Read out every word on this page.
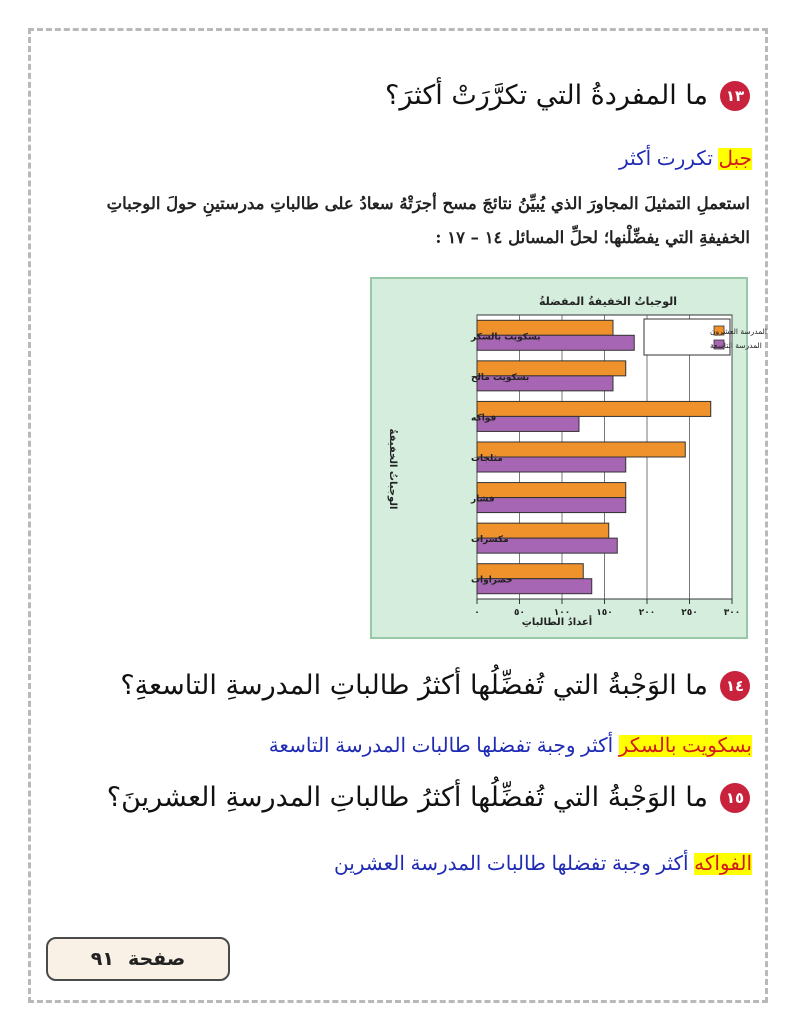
١٣
ما المفردةُ التي تكرَّرَتْ أكثرَ؟
جبل تكررت أكثر
استعملِ التمثيلَ المجاورَ الذي يُبيِّنُ نتائجَ مسح أجرَتْهُ سعادُ على طالباتِ مدرستينِ حولَ الوجباتِ
الخفيفةِ التي يفضِّلْنها؛ لحلِّ المسائل ١٤ – ١٧ :
الوجباتُ الخفيفةُ المفضلةُ
أعدادُ الطالباتِ
الوجباتُ الخفيفةُ
٠	٥٠	١٠٠	١٥٠	٢٠٠	٢٥٠	٣٠٠
بسكويت بالسكر
بسكويت مالح
فواكه
مثلجات
فشار
مكسرات
خضراوات
المدرسة العشرون
المدرسة التاسعة
١٤
ما الوَجْبةُ التي تُفضِّلُها أكثرُ طالباتِ المدرسةِ التاسعةِ؟
بسكويت بالسكر أكثر وجبة تفضلها طالبات المدرسة التاسعة
١٥
ما الوَجْبةُ التي تُفضِّلُها أكثرُ طالباتِ المدرسةِ العشرينَ؟
الفواكه أكثر وجبة تفضلها طالبات المدرسة العشرين
صفحة
٩١
